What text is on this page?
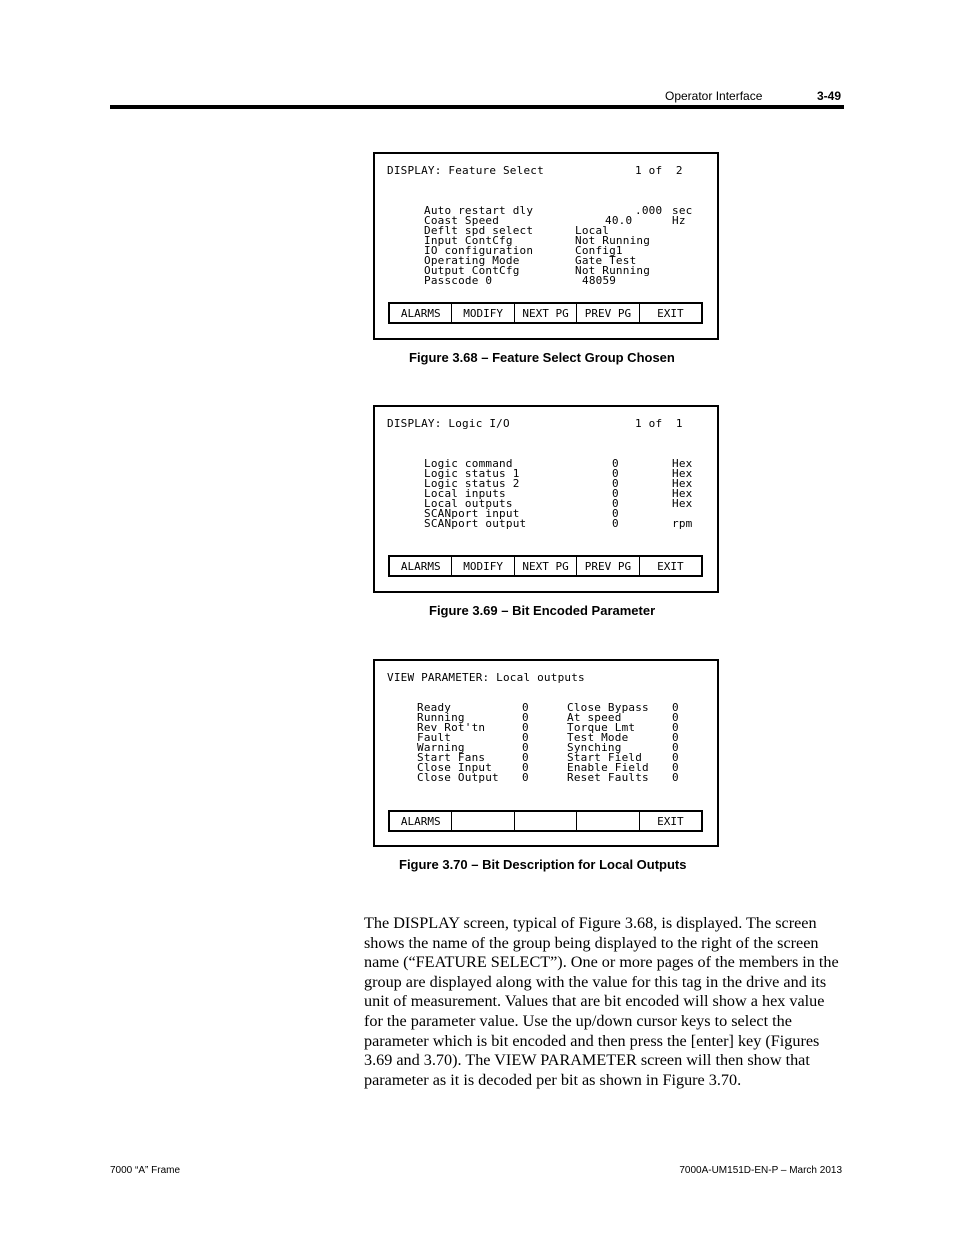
Operator Interface	3-49
DISPLAY: Feature Select	1 of  2
Auto restart dly	.000 sec
Coast Speed	40.0	Hz
Deflt spd select	Local
Input ContCfg	Not Running
IO configuration	Config1
Operating Mode	Gate Test
Output ContCfg	Not Running
Passcode 0	48059
ALARMS	MODIFY	NEXT PG	PREV PG	EXIT
Figure 3.68 – Feature Select Group Chosen
DISPLAY: Logic I/O	1 of  1
Logic command	0	Hex
Logic status 1	0	Hex
Logic status 2	0	Hex
Local inputs	0	Hex
Local outputs	0	Hex
SCANport input	0
SCANport output	0	rpm
ALARMS	MODIFY	NEXT PG	PREV PG	EXIT
Figure 3.69 – Bit Encoded Parameter
VIEW PARAMETER: Local outputs
Ready	0	Close Bypass 0
Running	0	At speed	0
Rev Rot'tn	0	Torque Lmt	0
Fault	0	Test Mode	0
Warning	0	Synching	0
Start Fans	0	Start Field	0
Close Input	0	Enable Field 0
Close Output 0	Reset Faults 0
ALARMS	EXIT
Figure 3.70 – Bit Description for Local Outputs

The DISPLAY screen, typical of Figure 3.68, is displayed. The screen shows the name of the group being displayed to the right of the screen name (“FEATURE SELECT”). One or more pages of the members in the group are displayed along with the value for this tag in the drive and its unit of measurement. Values that are bit encoded will show a hex value for the parameter value. Use the up/down cursor keys to select the parameter which is bit encoded and then press the [enter] key (Figures 3.69 and 3.70). The VIEW PARAMETER screen will then show that parameter as it is decoded per bit as shown in Figure 3.70.

7000 “A” Frame	7000A-UM151D-EN-P – March 2013
